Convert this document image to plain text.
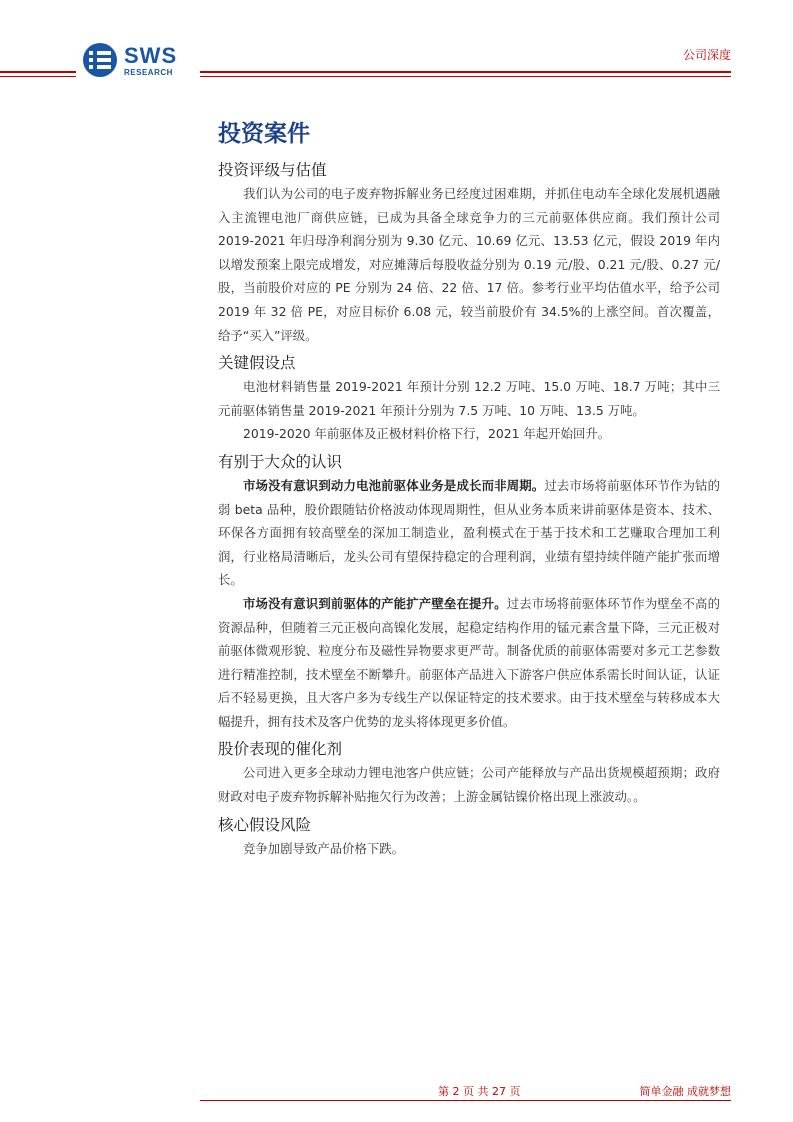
SWS
RESEARCH
公司深度
投资案件
投资评级与估值

我们认为公司的电子废弃物拆解业务已经度过困难期，并抓住电动车全球化发展机遇融入主流锂电池厂商供应链，已成为具备全球竞争力的三元前驱体供应商。我们预计公司 2019-2021 年归母净利润分别为 9.30 亿元、10.69 亿元、13.53 亿元，假设 2019 年内以增发预案上限完成增发，对应摊薄后每股收益分别为 0.19 元/股、0.21 元/股、0.27 元/股，当前股价对应的 PE 分别为 24 倍、22 倍、17 倍。参考行业平均估值水平，给予公司 2019 年 32 倍 PE，对应目标价 6.08 元，较当前股价有 34.5%的上涨空间。首次覆盖，给予“买入”评级。

关键假设点

电池材料销售量 2019-2021 年预计分别 12.2 万吨、15.0 万吨、18.7 万吨；其中三元前驱体销售量 2019-2021 年预计分别为 7.5 万吨、10 万吨、13.5 万吨。

2019-2020 年前驱体及正极材料价格下行，2021 年起开始回升。

有别于大众的认识

市场没有意识到动力电池前驱体业务是成长而非周期。过去市场将前驱体环节作为钴的弱 beta 品种，股价跟随钴价格波动体现周期性，但从业务本质来讲前驱体是资本、技术、环保各方面拥有较高壁垒的深加工制造业，盈利模式在于基于技术和工艺赚取合理加工利润，行业格局清晰后，龙头公司有望保持稳定的合理利润，业绩有望持续伴随产能扩张而增长。

市场没有意识到前驱体的产能扩产壁垒在提升。过去市场将前驱体环节作为壁垒不高的资源品种，但随着三元正极向高镍化发展，起稳定结构作用的锰元素含量下降，三元正极对前驱体微观形貌、粒度分布及磁性异物要求更严苛。制备优质的前驱体需要对多元工艺参数进行精准控制，技术壁垒不断攀升。前驱体产品进入下游客户供应体系需长时间认证，认证后不轻易更换，且大客户多为专线生产以保证特定的技术要求。由于技术壁垒与转移成本大幅提升，拥有技术及客户优势的龙头将体现更多价值。

股价表现的催化剂

公司进入更多全球动力锂电池客户供应链；公司产能释放与产品出货规模超预期；政府财政对电子废弃物拆解补贴拖欠行为改善；上游金属钴镍价格出现上涨波动。。

核心假设风险

竞争加剧导致产品价格下跌。

第 2 页 共 27 页	简单金融 成就梦想
